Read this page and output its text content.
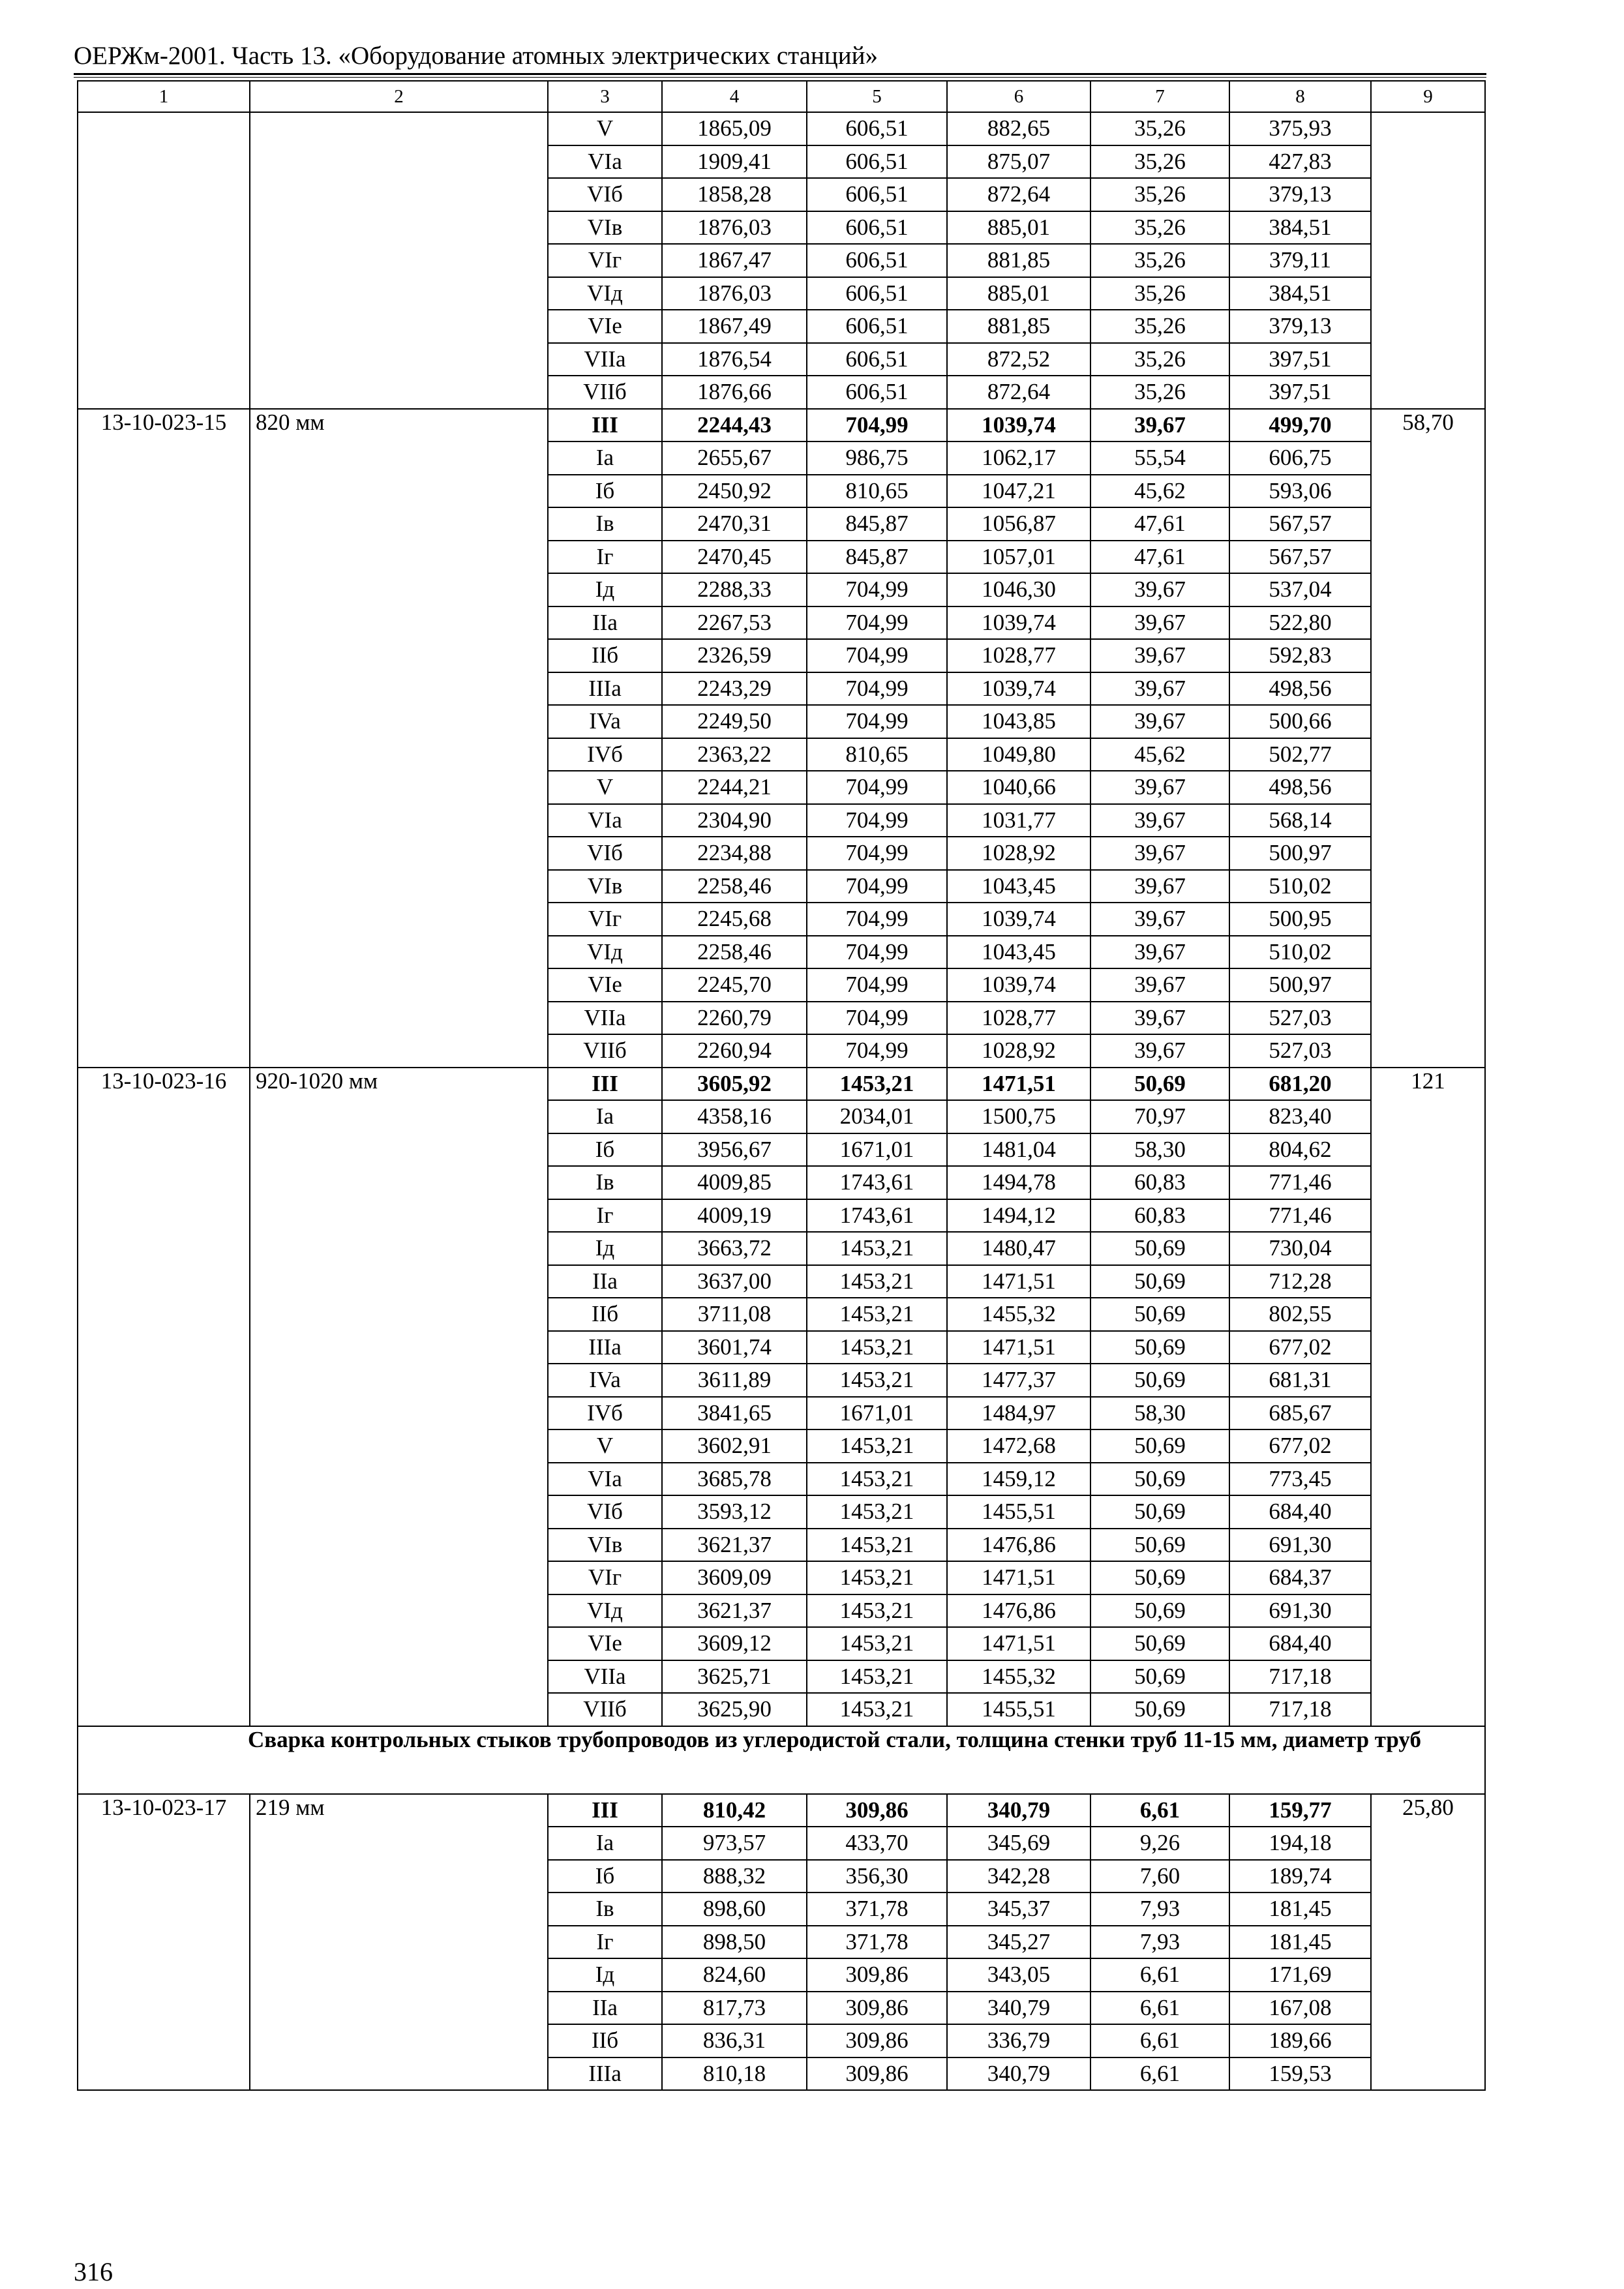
ОЕРЖм-2001. Часть 13. «Оборудование атомных электрических станций»
1	2	3	4	5	6	7	8	9
		V	1865,09	606,51	882,65	35,26	375,93	
		VIa	1909,41	606,51	875,07	35,26	427,83	
		VIб	1858,28	606,51	872,64	35,26	379,13	
		VIв	1876,03	606,51	885,01	35,26	384,51	
		VIг	1867,47	606,51	881,85	35,26	379,11	
		VIд	1876,03	606,51	885,01	35,26	384,51	
		VIe	1867,49	606,51	881,85	35,26	379,13	
		VIIa	1876,54	606,51	872,52	35,26	397,51	
		VIIб	1876,66	606,51	872,64	35,26	397,51	
13-10-023-15	820 мм	III	2244,43	704,99	1039,74	39,67	499,70	58,70
		Ia	2655,67	986,75	1062,17	55,54	606,75	
		Iб	2450,92	810,65	1047,21	45,62	593,06	
		Iв	2470,31	845,87	1056,87	47,61	567,57	
		Iг	2470,45	845,87	1057,01	47,61	567,57	
		Iд	2288,33	704,99	1046,30	39,67	537,04	
		IIa	2267,53	704,99	1039,74	39,67	522,80	
		IIб	2326,59	704,99	1028,77	39,67	592,83	
		IIIa	2243,29	704,99	1039,74	39,67	498,56	
		IVa	2249,50	704,99	1043,85	39,67	500,66	
		IVб	2363,22	810,65	1049,80	45,62	502,77	
		V	2244,21	704,99	1040,66	39,67	498,56	
		VIa	2304,90	704,99	1031,77	39,67	568,14	
		VIб	2234,88	704,99	1028,92	39,67	500,97	
		VIв	2258,46	704,99	1043,45	39,67	510,02	
		VIг	2245,68	704,99	1039,74	39,67	500,95	
		VIд	2258,46	704,99	1043,45	39,67	510,02	
		VIe	2245,70	704,99	1039,74	39,67	500,97	
		VIIa	2260,79	704,99	1028,77	39,67	527,03	
		VIIб	2260,94	704,99	1028,92	39,67	527,03	
13-10-023-16	920-1020 мм	III	3605,92	1453,21	1471,51	50,69	681,20	121
		Ia	4358,16	2034,01	1500,75	70,97	823,40	
		Iб	3956,67	1671,01	1481,04	58,30	804,62	
		Iв	4009,85	1743,61	1494,78	60,83	771,46	
		Iг	4009,19	1743,61	1494,12	60,83	771,46	
		Iд	3663,72	1453,21	1480,47	50,69	730,04	
		IIa	3637,00	1453,21	1471,51	50,69	712,28	
		IIб	3711,08	1453,21	1455,32	50,69	802,55	
		IIIa	3601,74	1453,21	1471,51	50,69	677,02	
		IVa	3611,89	1453,21	1477,37	50,69	681,31	
		IVб	3841,65	1671,01	1484,97	58,30	685,67	
		V	3602,91	1453,21	1472,68	50,69	677,02	
		VIa	3685,78	1453,21	1459,12	50,69	773,45	
		VIб	3593,12	1453,21	1455,51	50,69	684,40	
		VIв	3621,37	1453,21	1476,86	50,69	691,30	
		VIг	3609,09	1453,21	1471,51	50,69	684,37	
		VIд	3621,37	1453,21	1476,86	50,69	691,30	
		VIe	3609,12	1453,21	1471,51	50,69	684,40	
		VIIa	3625,71	1453,21	1455,32	50,69	717,18	
		VIIб	3625,90	1453,21	1455,51	50,69	717,18	
Сварка контрольных стыков трубопроводов из углеродистой стали, толщина стенки труб 11-15 мм, диаметр труб								
13-10-023-17	219 мм	III	810,42	309,86	340,79	6,61	159,77	25,80
		Ia	973,57	433,70	345,69	9,26	194,18	
		Iб	888,32	356,30	342,28	7,60	189,74	
		Iв	898,60	371,78	345,37	7,93	181,45	
		Iг	898,50	371,78	345,27	7,93	181,45	
		Iд	824,60	309,86	343,05	6,61	171,69	
		IIa	817,73	309,86	340,79	6,61	167,08	
		IIб	836,31	309,86	336,79	6,61	189,66	
		IIIa	810,18	309,86	340,79	6,61	159,53	
316
